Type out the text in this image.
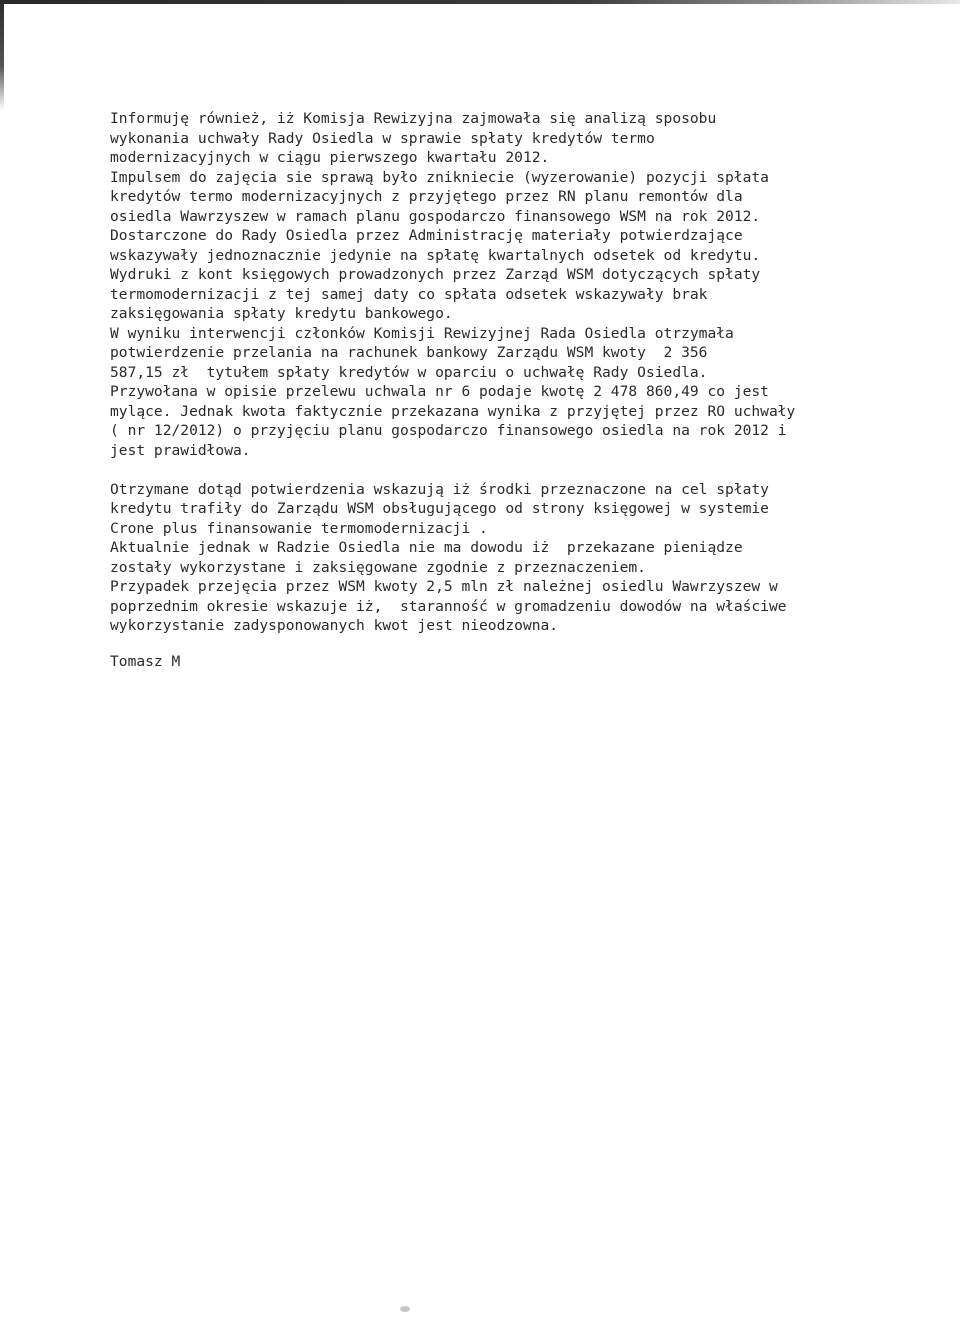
Informuję również, iż Komisja Rewizyjna zajmowała się analizą sposobu
wykonania uchwały Rady Osiedla w sprawie spłaty kredytów termo
modernizacyjnych w ciągu pierwszego kwartału 2012.
Impulsem do zajęcia sie sprawą było znikniecie (wyzerowanie) pozycji spłata
kredytów termo modernizacyjnych z przyjętego przez RN planu remontów dla
osiedla Wawrzyszew w ramach planu gospodarczo finansowego WSM na rok 2012.
Dostarczone do Rady Osiedla przez Administrację materiały potwierdzające
wskazywały jednoznacznie jedynie na spłatę kwartalnych odsetek od kredytu.
Wydruki z kont księgowych prowadzonych przez Zarząd WSM dotyczących spłaty
termomodernizacji z tej samej daty co spłata odsetek wskazywały brak
zaksięgowania spłaty kredytu bankowego.
W wyniku interwencji członków Komisji Rewizyjnej Rada Osiedla otrzymała
potwierdzenie przelania na rachunek bankowy Zarządu WSM kwoty  2 356
587,15 zł  tytułem spłaty kredytów w oparciu o uchwałę Rady Osiedla.
Przywołana w opisie przelewu uchwala nr 6 podaje kwotę 2 478 860,49 co jest
mylące. Jednak kwota faktycznie przekazana wynika z przyjętej przez RO uchwały
( nr 12/2012) o przyjęciu planu gospodarczo finansowego osiedla na rok 2012 i
jest prawidłowa.
Otrzymane dotąd potwierdzenia wskazują iż środki przeznaczone na cel spłaty
kredytu trafiły do Zarządu WSM obsługującego od strony księgowej w systemie
Crone plus finansowanie termomodernizacji .
Aktualnie jednak w Radzie Osiedla nie ma dowodu iż  przekazane pieniądze
zostały wykorzystane i zaksięgowane zgodnie z przeznaczeniem.
Przypadek przejęcia przez WSM kwoty 2,5 mln zł należnej osiedlu Wawrzyszew w
poprzednim okresie wskazuje iż,  staranność w gromadzeniu dowodów na właściwe
wykorzystanie zadysponowanych kwot jest nieodzowna.
Tomasz M
